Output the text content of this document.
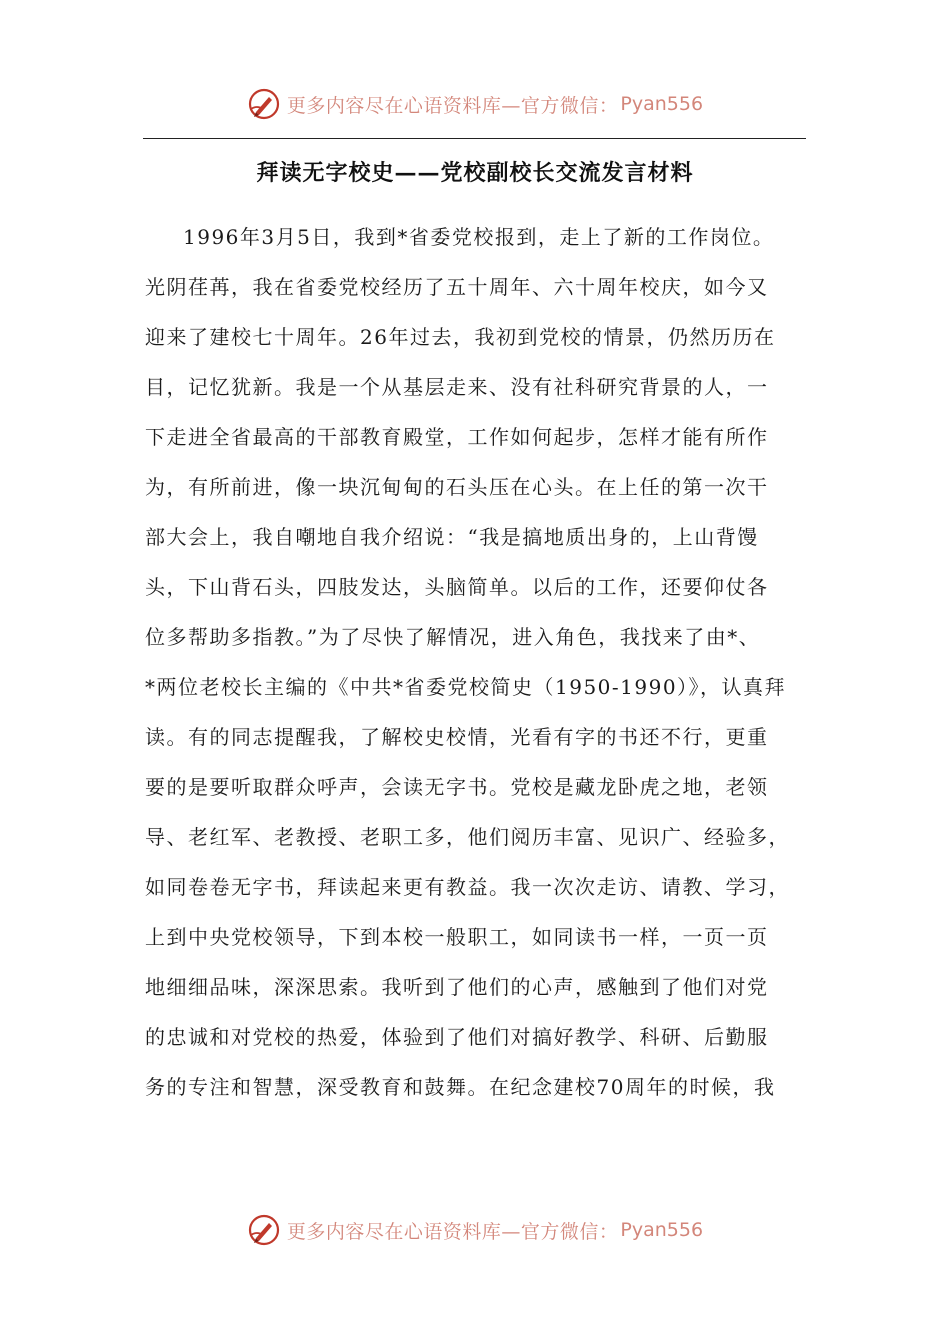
更多内容尽在心语资料库—官方微信： Pyan556
拜读无字校史——党校副校长交流发言材料
1996年3月5日，我到*省委党校报到，走上了新的工作岗位。
光阴荏苒，我在省委党校经历了五十周年、六十周年校庆，如今又
迎来了建校七十周年。26年过去，我初到党校的情景，仍然历历在
目，记忆犹新。我是一个从基层走来、没有社科研究背景的人，一
下走进全省最高的干部教育殿堂，工作如何起步，怎样才能有所作
为，有所前进，像一块沉甸甸的石头压在心头。在上任的第一次干
部大会上，我自嘲地自我介绍说：“我是搞地质出身的，上山背馒
头，下山背石头，四肢发达，头脑简单。以后的工作，还要仰仗各
位多帮助多指教。”为了尽快了解情况，进入角色，我找来了由*、
*两位老校长主编的《中共*省委党校简史（1950-1990）》，认真拜
读。有的同志提醒我，了解校史校情，光看有字的书还不行，更重
要的是要听取群众呼声，会读无字书。党校是藏龙卧虎之地，老领
导、老红军、老教授、老职工多，他们阅历丰富、见识广、经验多，
如同卷卷无字书，拜读起来更有教益。我一次次走访、请教、学习，
上到中央党校领导，下到本校一般职工，如同读书一样，一页一页
地细细品味，深深思索。我听到了他们的心声，感触到了他们对党
的忠诚和对党校的热爱，体验到了他们对搞好教学、科研、后勤服
务的专注和智慧，深受教育和鼓舞。在纪念建校70周年的时候，我
更多内容尽在心语资料库—官方微信： Pyan556
